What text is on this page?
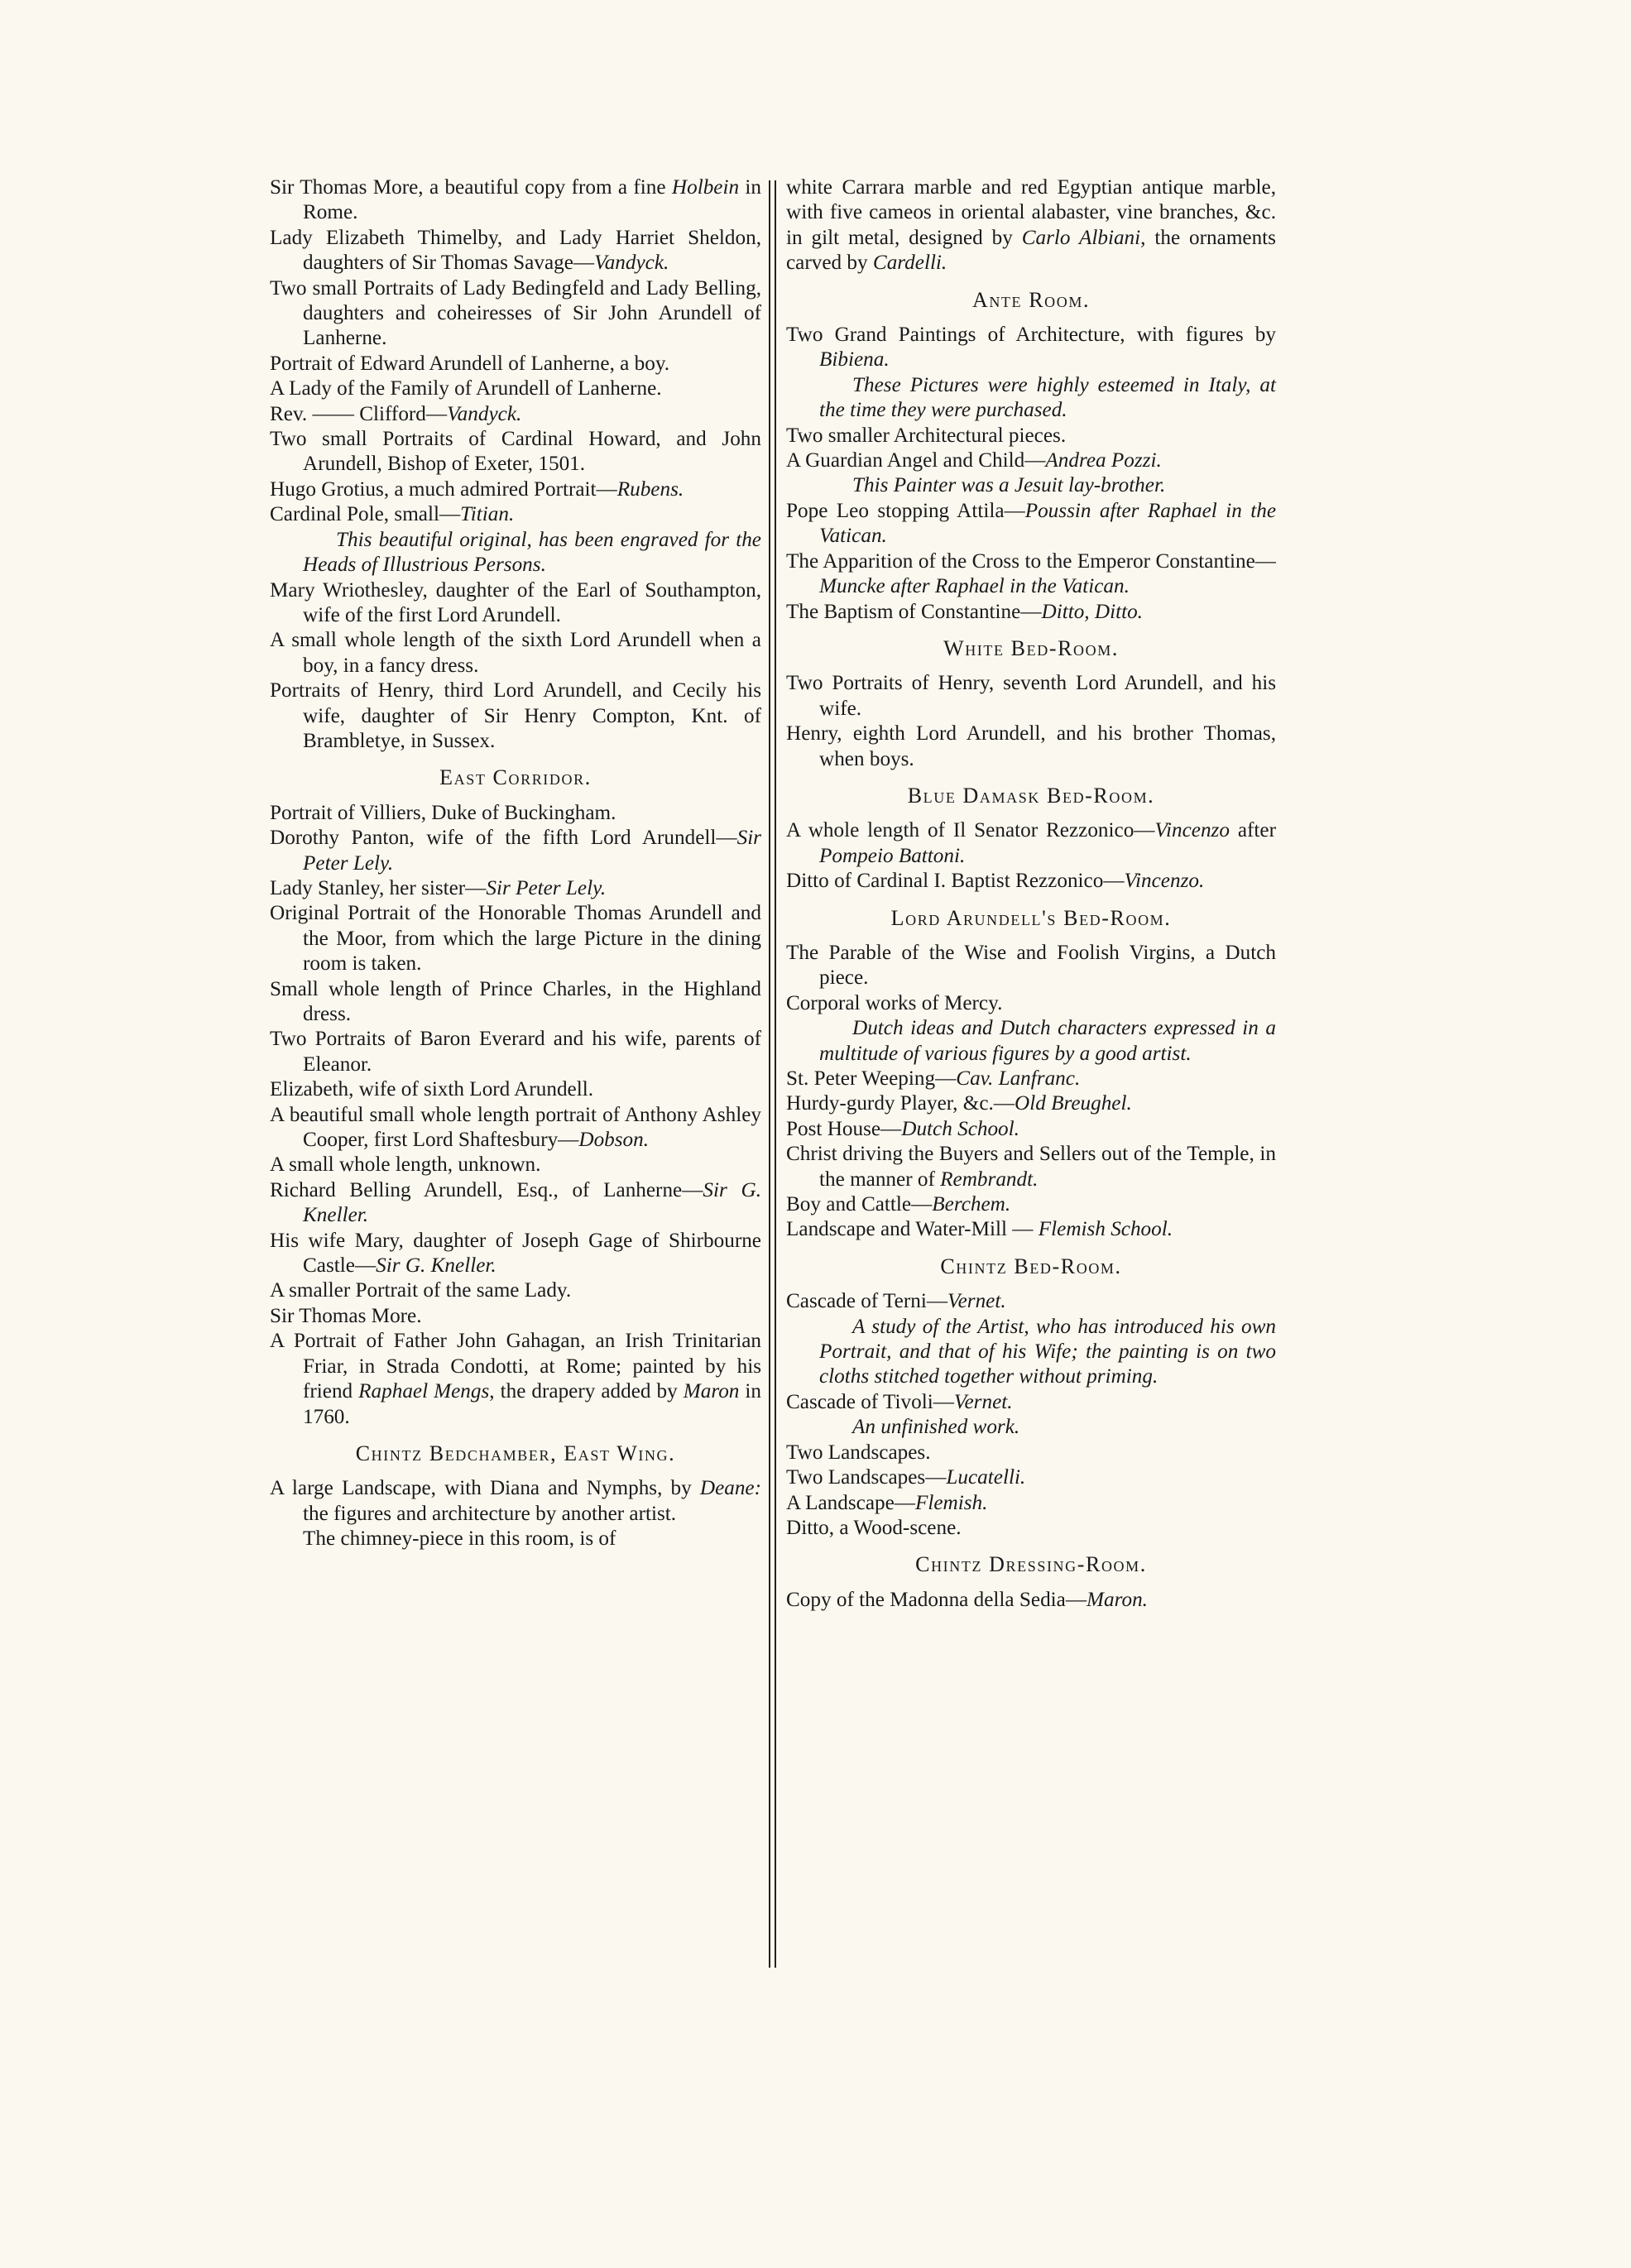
Sir Thomas More, a beautiful copy from a fine Holbein in Rome.

Lady Elizabeth Thimelby, and Lady Harriet Sheldon, daughters of Sir Thomas Savage—Vandyck.

Two small Portraits of Lady Bedingfeld and Lady Belling, daughters and coheiresses of Sir John Arundell of Lanherne.

Portrait of Edward Arundell of Lanherne, a boy.

A Lady of the Family of Arundell of Lanherne.

Rev. —— Clifford—Vandyck.

Two small Portraits of Cardinal Howard, and John Arundell, Bishop of Exeter, 1501.

Hugo Grotius, a much admired Portrait—Rubens.

Cardinal Pole, small—Titian.

This beautiful original, has been engraved for the Heads of Illustrious Persons.

Mary Wriothesley, daughter of the Earl of Southampton, wife of the first Lord Arundell.

A small whole length of the sixth Lord Arundell when a boy, in a fancy dress.

Portraits of Henry, third Lord Arundell, and Cecily his wife, daughter of Sir Henry Compton, Knt. of Brambletye, in Sussex.

East Corridor.

Portrait of Villiers, Duke of Buckingham.

Dorothy Panton, wife of the fifth Lord Arundell—Sir Peter Lely.

Lady Stanley, her sister—Sir Peter Lely.

Original Portrait of the Honorable Thomas Arundell and the Moor, from which the large Picture in the dining room is taken.

Small whole length of Prince Charles, in the Highland dress.

Two Portraits of Baron Everard and his wife, parents of Eleanor.

Elizabeth, wife of sixth Lord Arundell.

A beautiful small whole length portrait of Anthony Ashley Cooper, first Lord Shaftesbury—Dobson.

A small whole length, unknown.

Richard Belling Arundell, Esq., of Lanherne—Sir G. Kneller.

His wife Mary, daughter of Joseph Gage of Shirbourne Castle—Sir G. Kneller.

A smaller Portrait of the same Lady.

Sir Thomas More.

A Portrait of Father John Gahagan, an Irish Trinitarian Friar, in Strada Condotti, at Rome; painted by his friend Raphael Mengs, the drapery added by Maron in 1760.

Chintz Bedchamber, East Wing.

A large Landscape, with Diana and Nymphs, by Deane: the figures and architecture by another artist.

The chimney-piece in this room, is of

white Carrara marble and red Egyptian antique marble, with five cameos in oriental alabaster, vine branches, &c. in gilt metal, designed by Carlo Albiani, the ornaments carved by Cardelli.

Ante Room.

Two Grand Paintings of Architecture, with figures by Bibiena.

These Pictures were highly esteemed in Italy, at the time they were purchased.

Two smaller Architectural pieces.

A Guardian Angel and Child—Andrea Pozzi.

This Painter was a Jesuit lay-brother.

Pope Leo stopping Attila—Poussin after Raphael in the Vatican.

The Apparition of the Cross to the Emperor Constantine—Muncke after Raphael in the Vatican.

The Baptism of Constantine—Ditto, Ditto.

White Bed-Room.

Two Portraits of Henry, seventh Lord Arundell, and his wife.

Henry, eighth Lord Arundell, and his brother Thomas, when boys.

Blue Damask Bed-Room.

A whole length of Il Senator Rezzonico—Vincenzo after Pompeio Battoni.

Ditto of Cardinal I. Baptist Rezzonico—Vincenzo.

Lord Arundell's Bed-Room.

The Parable of the Wise and Foolish Virgins, a Dutch piece.

Corporal works of Mercy.

Dutch ideas and Dutch characters expressed in a multitude of various figures by a good artist.

St. Peter Weeping—Cav. Lanfranc.

Hurdy-gurdy Player, &c.—Old Breughel.

Post House—Dutch School.

Christ driving the Buyers and Sellers out of the Temple, in the manner of Rembrandt.

Boy and Cattle—Berchem.

Landscape and Water-Mill — Flemish School.

Chintz Bed-Room.

Cascade of Terni—Vernet.

A study of the Artist, who has introduced his own Portrait, and that of his Wife; the painting is on two cloths stitched together without priming.

Cascade of Tivoli—Vernet.

An unfinished work.

Two Landscapes.

Two Landscapes—Lucatelli.

A Landscape—Flemish.

Ditto, a Wood-scene.

Chintz Dressing-Room.

Copy of the Madonna della Sedia—Maron.
